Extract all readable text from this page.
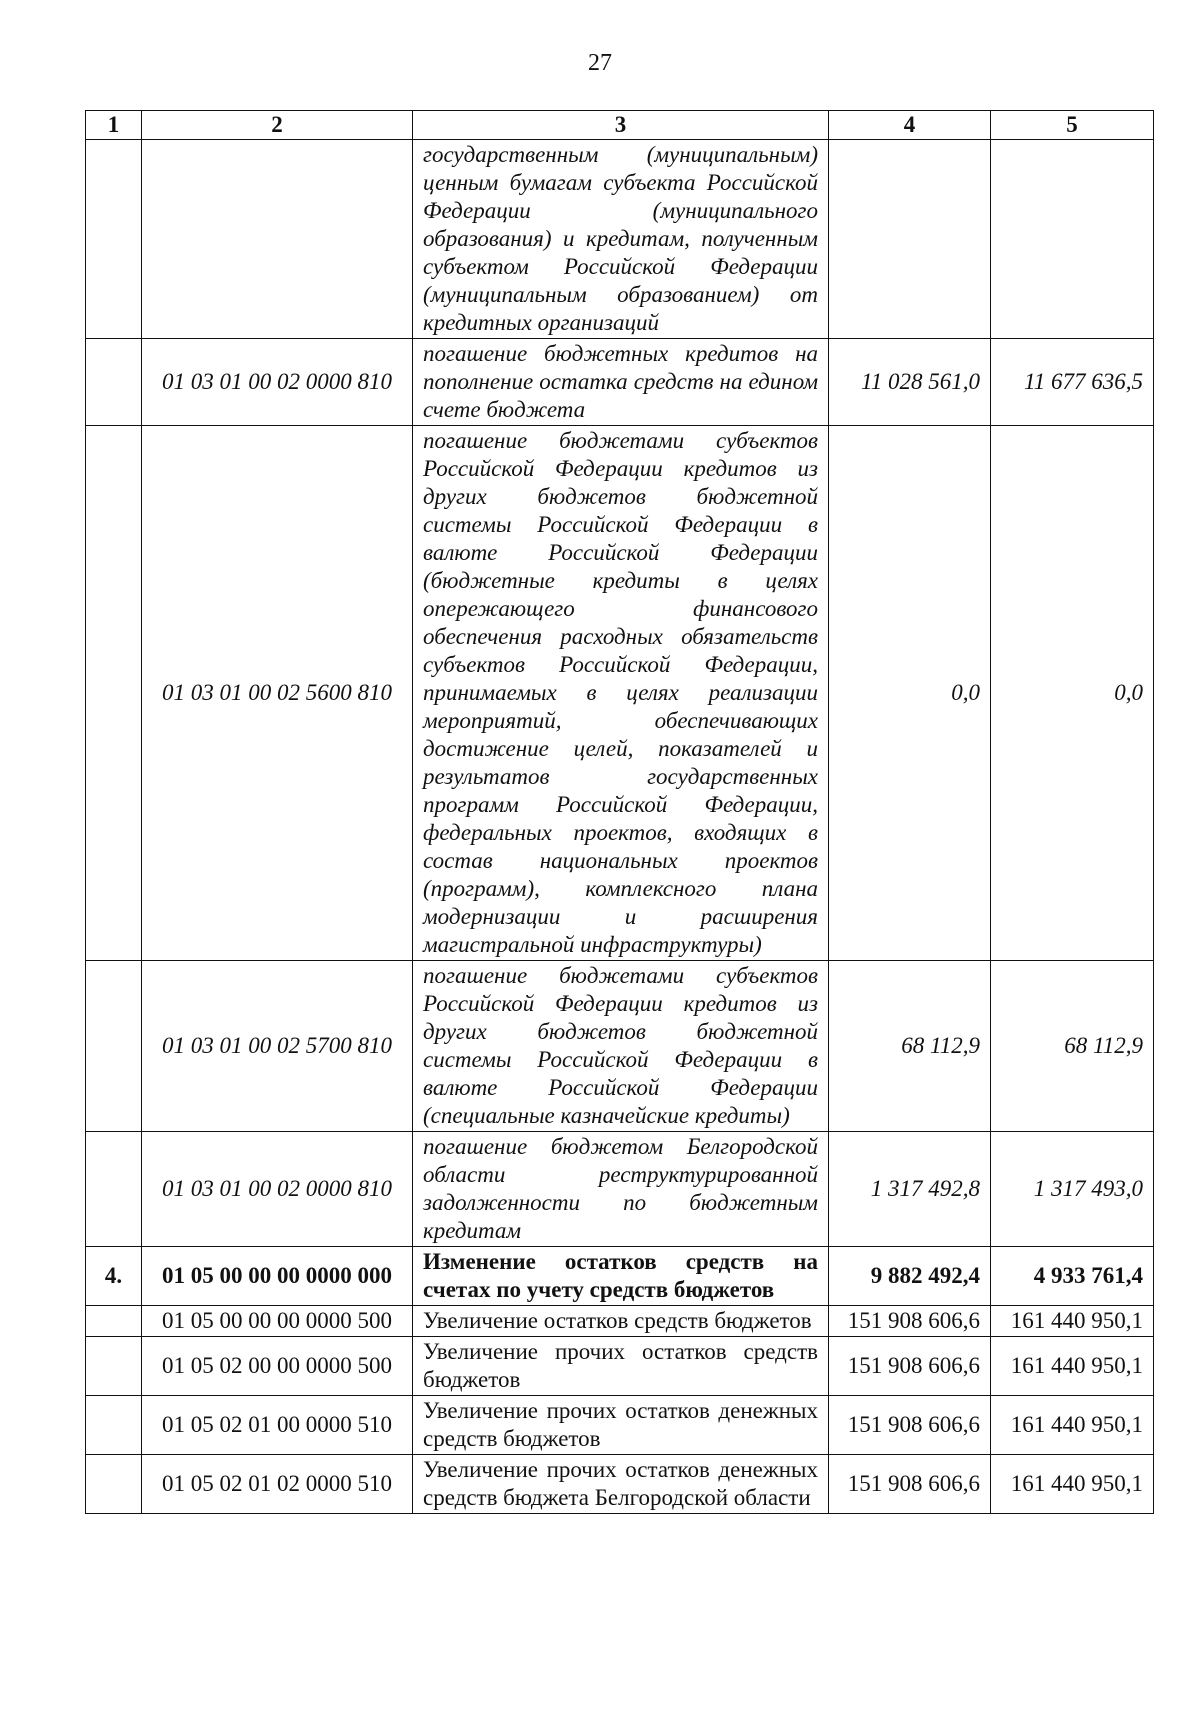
27
1	2	3	4	5
		государственным (муниципальным) ценным бумагам субъекта Российской Федерации (муниципального образования) и кредитам, полученным субъектом Российской Федерации (муниципальным образованием) от кредитных организаций		
	01 03 01 00 02 0000 810	погашение бюджетных кредитов на пополнение остатка средств на едином счете бюджета	11 028 561,0	11 677 636,5
	01 03 01 00 02 5600 810	погашение бюджетами субъектов Российской Федерации кредитов из других бюджетов бюджетной системы Российской Федерации в валюте Российской Федерации (бюджетные кредиты в целях опережающего финансового обеспечения расходных обязательств субъектов Российской Федерации, принимаемых в целях реализации мероприятий, обеспечивающих достижение целей, показателей и результатов государственных программ Российской Федерации, федеральных проектов, входящих в состав национальных проектов (программ), комплексного плана модернизации и расширения магистральной инфраструктуры)	0,0	0,0
	01 03 01 00 02 5700 810	погашение бюджетами субъектов Российской Федерации кредитов из других бюджетов бюджетной системы Российской Федерации в валюте Российской Федерации (специальные казначейские кредиты)	68 112,9	68 112,9
	01 03 01 00 02 0000 810	погашение бюджетом Белгородской области реструктурированной задолженности по бюджетным кредитам	1 317 492,8	1 317 493,0
4.	01 05 00 00 00 0000 000	Изменение остатков средств на счетах по учету средств бюджетов	9 882 492,4	4 933 761,4
	01 05 00 00 00 0000 500	Увеличение остатков средств бюджетов	151 908 606,6	161 440 950,1
	01 05 02 00 00 0000 500	Увеличение прочих остатков средств бюджетов	151 908 606,6	161 440 950,1
	01 05 02 01 00 0000 510	Увеличение прочих остатков денежных средств бюджетов	151 908 606,6	161 440 950,1
	01 05 02 01 02 0000 510	Увеличение прочих остатков денежных средств бюджета Белгородской области	151 908 606,6	161 440 950,1
